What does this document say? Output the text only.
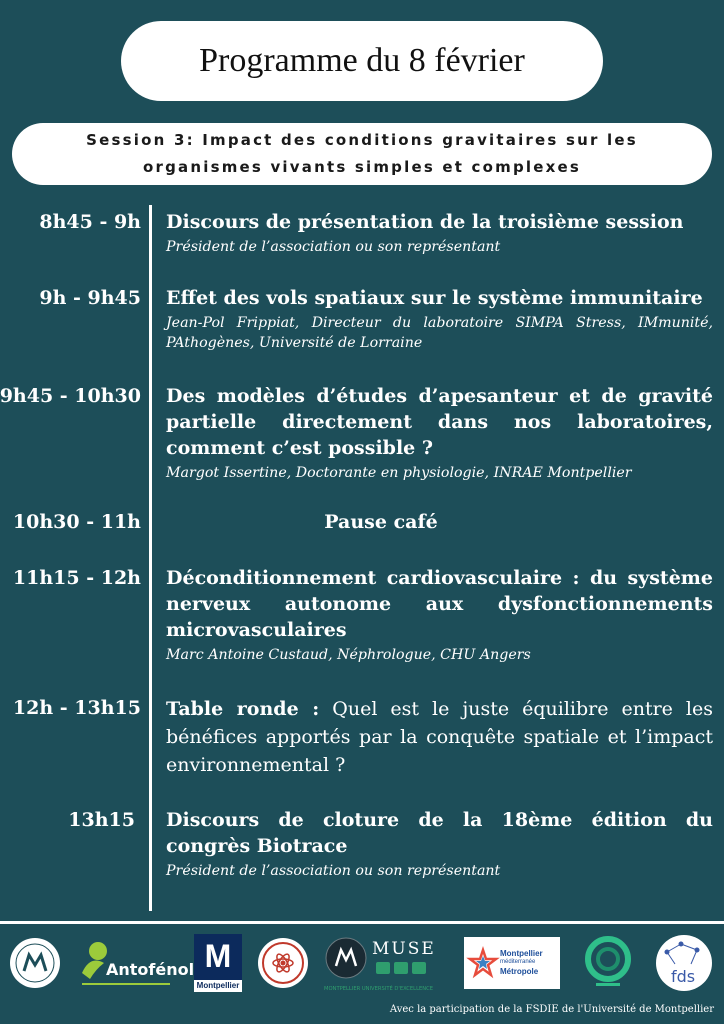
Programme du 8 février
Session 3: Impact des conditions gravitaires sur les
organismes vivants simples et complexes
8h45 - 9h Discours de présentation de la troisième session
Président de l’association ou son représentant
9h - 9h45 Effet des vols spatiaux sur le système immunitaire
Jean-Pol Frippiat, Directeur du laboratoire SIMPA Stress, IMmunité, PAthogènes, Université de Lorraine
9h45 - 10h30 Des modèles d’études d’apesanteur et de gravité partielle directement dans nos laboratoires, comment c’est possible ?
Margot Issertine, Doctorante en physiologie, INRAE Montpellier
10h30 - 11h	Pause café
11h15 - 12h Déconditionnement cardiovasculaire : du système nerveux autonome aux dysfonctionnements microvasculaires
Marc Antoine Custaud, Néphrologue, CHU Angers
12h - 13h15 Table ronde : Quel est le juste équilibre entre les bénéfices apportés par la conquête spatiale et l’impact environnemental ?
13h15 Discours de cloture de la 18ème édition du congrès Biotrace
Président de l’association ou son représentant
Antofénol M
Montpellier
MUSE
MONTPELLIER UNIVERSITÉ D'EXCELLENCE
Montpellier
méditerranée
Métropole	fds
Avec la participation de la FSDIE de l'Université de Montpellier
